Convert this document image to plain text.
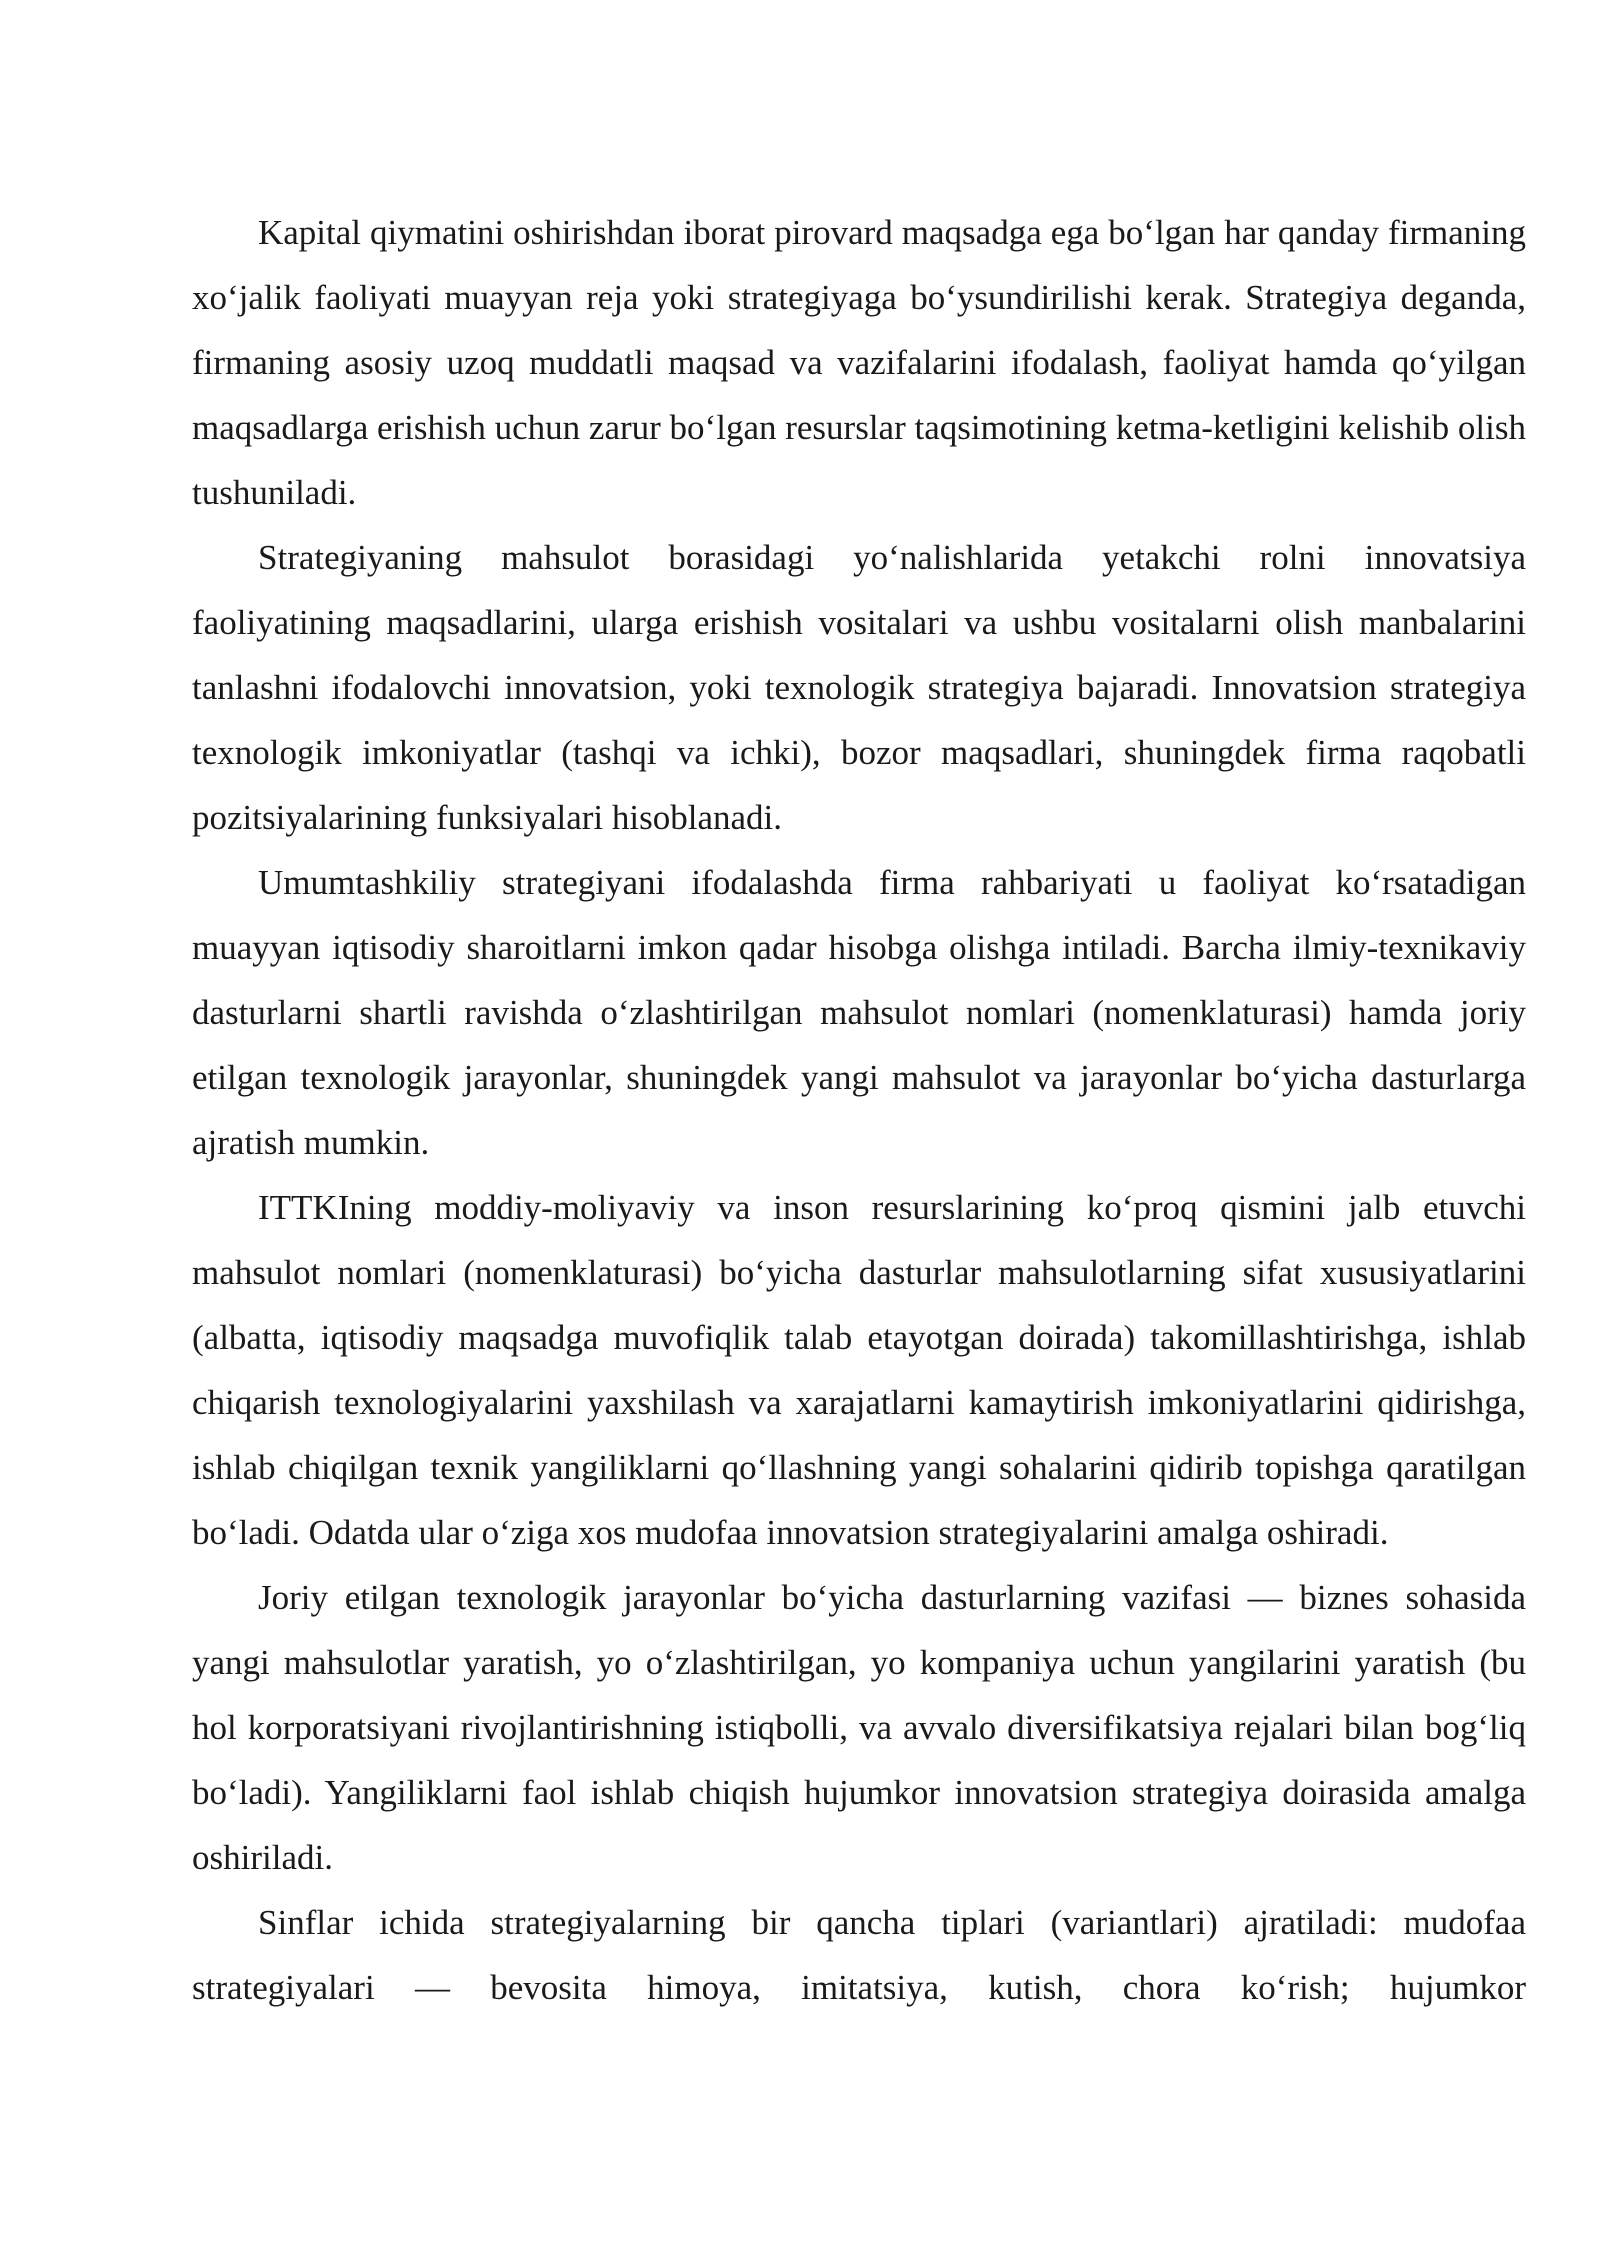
Kapital qiymatini oshirishdan iborat pirovard maqsadga ega bo‘lgan har qanday firmaning xo‘jalik faoliyati muayyan reja yoki strategiyaga bo‘ysundirilishi kerak. Strategiya deganda, firmaning asosiy uzoq muddatli maqsad va vazifalarini ifodalash, faoliyat hamda qo‘yilgan maqsadlarga erishish uchun zarur bo‘lgan resurslar taqsimotining ketma-ketligini kelishib olish tushuniladi.

Strategiyaning mahsulot borasidagi yo‘nalishlarida yetakchi rolni innovatsiya faoliyatining maqsadlarini, ularga erishish vositalari va ushbu vositalarni olish manbalarini tanlashni ifodalovchi innovatsion, yoki texnologik strategiya bajaradi. Innovatsion strategiya texnologik imkoniyatlar (tashqi va ichki), bozor maqsadlari, shuningdek firma raqobatli pozitsiyalarining funksiyalari hisoblanadi.

Umumtashkiliy strategiyani ifodalashda firma rahbariyati u faoliyat ko‘rsatadigan muayyan iqtisodiy sharoitlarni imkon qadar hisobga olishga intiladi. Barcha ilmiy-texnikaviy dasturlarni shartli ravishda o‘zlashtirilgan mahsulot nomlari (nomenklaturasi) hamda joriy etilgan texnologik jarayonlar, shuningdek yangi mahsulot va jarayonlar bo‘yicha dasturlarga ajratish mumkin.

ITTKIning moddiy-moliyaviy va inson resurslarining ko‘proq qismini jalb etuvchi mahsulot nomlari (nomenklaturasi) bo‘yicha dasturlar mahsulotlarning sifat xususiyatlarini (albatta, iqtisodiy maqsadga muvofiqlik talab etayotgan doirada) takomillashtirishga, ishlab chiqarish texnologiyalarini yaxshilash va xarajatlarni kamaytirish imkoniyatlarini qidirishga, ishlab chiqilgan texnik yangiliklarni qo‘llashning yangi sohalarini qidirib topishga qaratilgan bo‘ladi. Odatda ular o‘ziga xos mudofaa innovatsion strategiyalarini amalga oshiradi.

Joriy etilgan texnologik jarayonlar bo‘yicha dasturlarning vazifasi — biznes sohasida yangi mahsulotlar yaratish, yo o‘zlashtirilgan, yo kompaniya uchun yangilarini yaratish (bu hol korporatsiyani rivojlantirishning istiqbolli, va avvalo diversifikatsiya rejalari bilan bog‘liq bo‘ladi). Yangiliklarni faol ishlab chiqish hujumkor innovatsion strategiya doirasida amalga oshiriladi.

Sinflar ichida strategiyalarning bir qancha tiplari (variantlari) ajratiladi: mudofaa strategiyalari — bevosita himoya, imitatsiya, kutish, chora ko‘rish; hujumkor
